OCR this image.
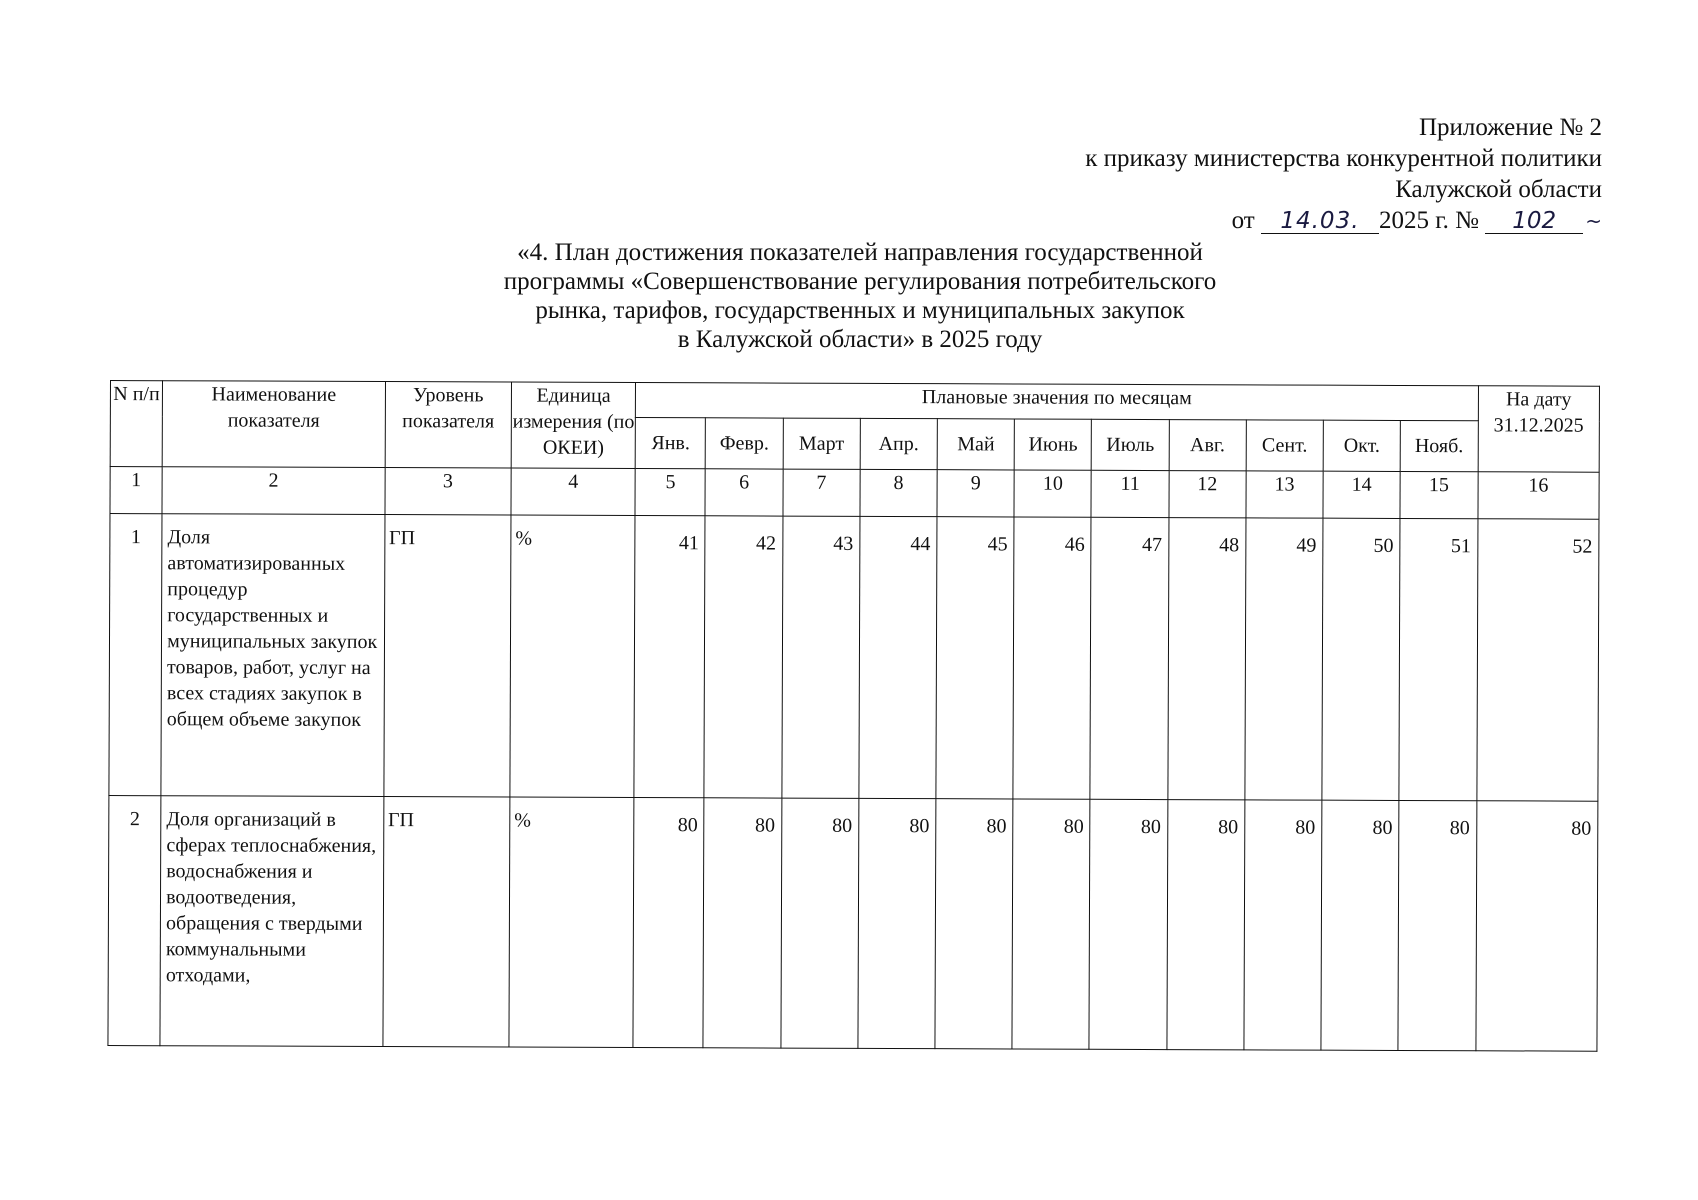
Приложение № 2
к приказу министерства конкурентной политики
Калужской области
от 14.03. 2025 г. № 102 ~
«4. План достижения показателей направления государственной
программы «Совершенствование регулирования потребительского
рынка, тарифов, государственных и муниципальных закупок
в Калужской области» в 2025 году
N п/п	Наименование показателя	Уровень показателя	Единица измерения (по ОКЕИ)	Плановые значения по месяцам											На дату 31.12.2025
				Янв.	Февр.	Март	Апр.	Май	Июнь	Июль	Авг.	Сент.	Окт.	Нояб.	
1	2	3	4	5	6	7	8	9	10	11	12	13	14	15	16
1	Доля автоматизированных процедур государственных и муниципальных закупок товаров, работ, услуг на всех стадиях закупок в общем объеме закупок	ГП	%	41	42	43	44	45	46	47	48	49	50	51	52
2	Доля организаций в сферах теплоснабжения, водоснабжения и водоотведения, обращения с твердыми коммунальными отходами,	ГП	%	80	80	80	80	80	80	80	80	80	80	80	80
